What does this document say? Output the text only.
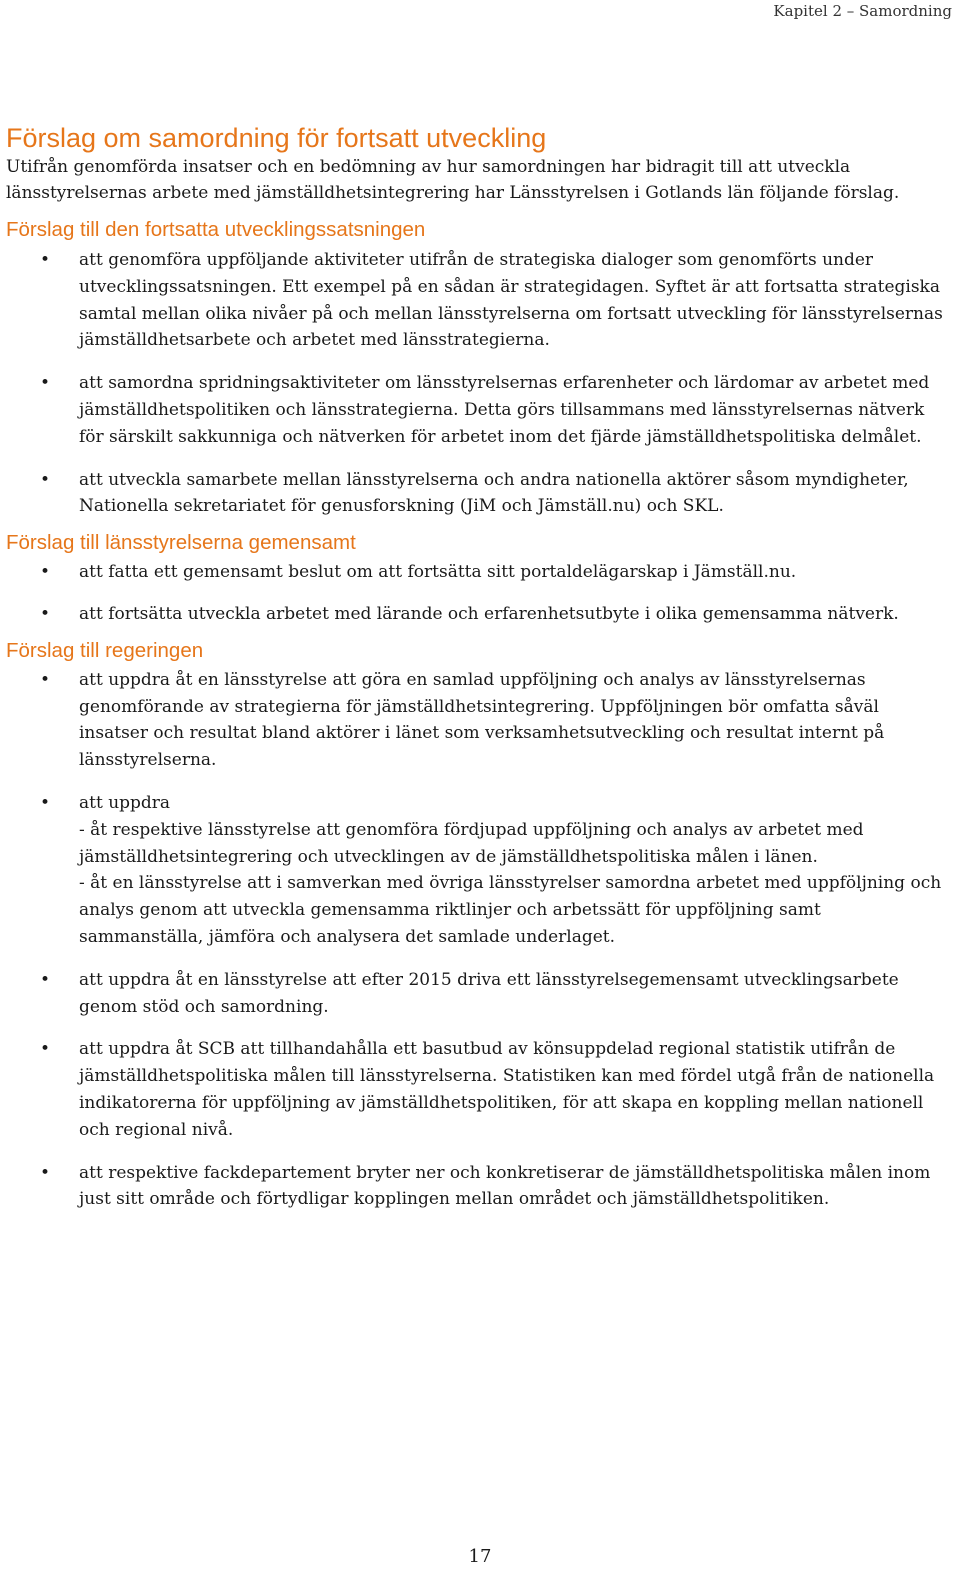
Kapitel 2 – Samordning
Förslag om samordning för fortsatt utveckling

Utifrån genomförda insatser och en bedömning av hur samordningen har bidragit till att utveckla länsstyrelsernas arbete med jämställdhetsintegrering har Länsstyrelsen i Gotlands län följande förslag.

Förslag till den fortsatta utvecklingssatsningen
• att genomföra uppföljande aktiviteter utifrån de strategiska dialoger som genomförts under utvecklingssatsningen. Ett exempel på en sådan är strategidagen. Syftet är att fortsatta strategiska samtal mellan olika nivåer på och mellan länsstyrelserna om fortsatt utveckling för länsstyrelsernas jämställdhetsarbete och arbetet med länsstrategierna.
• att samordna spridningsaktiviteter om länsstyrelsernas erfarenheter och lärdomar av arbetet med jämställdhetspolitiken och länsstrategierna. Detta görs tillsammans med länsstyrelsernas nätverk för särskilt sakkunniga och nätverken för arbetet inom det fjärde jämställdhetspolitiska delmålet.
• att utveckla samarbete mellan länsstyrelserna och andra nationella aktörer såsom myndigheter, Nationella sekretariatet för genusforskning (JiM och Jämställ.nu) och SKL.
Förslag till länsstyrelserna gemensamt
• att fatta ett gemensamt beslut om att fortsätta sitt portaldelägarskap i Jämställ.nu.
• att fortsätta utveckla arbetet med lärande och erfarenhetsutbyte i olika gemensamma nätverk.
Förslag till regeringen
• att uppdra åt en länsstyrelse att göra en samlad uppföljning och analys av länsstyrelsernas genomförande av strategierna för jämställdhetsintegrering. Uppföljningen bör omfatta såväl insatser och resultat bland aktörer i länet som verksamhetsutveckling och resultat internt på länsstyrelserna.
• att uppdra
- åt respektive länsstyrelse att genomföra fördjupad uppföljning och analys av arbetet med jämställdhetsintegrering och utvecklingen av de jämställdhetspolitiska målen i länen.
- åt en länsstyrelse att i samverkan med övriga länsstyrelser samordna arbetet med uppföljning och analys genom att utveckla gemensamma riktlinjer och arbetssätt för uppföljning samt sammanställa, jämföra och analysera det samlade underlaget.
• att uppdra åt en länsstyrelse att efter 2015 driva ett länsstyrelsegemensamt utvecklingsarbete genom stöd och samordning.
• att uppdra åt SCB att tillhandahålla ett basutbud av könsuppdelad regional statistik utifrån de jämställdhetspolitiska målen till länsstyrelserna. Statistiken kan med fördel utgå från de nationella indikatorerna för uppföljning av jämställdhetspolitiken, för att skapa en koppling mellan nationell och regional nivå.
• att respektive fackdepartement bryter ner och konkretiserar de jämställdhetspolitiska målen inom just sitt område och förtydligar kopplingen mellan området och jämställdhetspolitiken.
17
